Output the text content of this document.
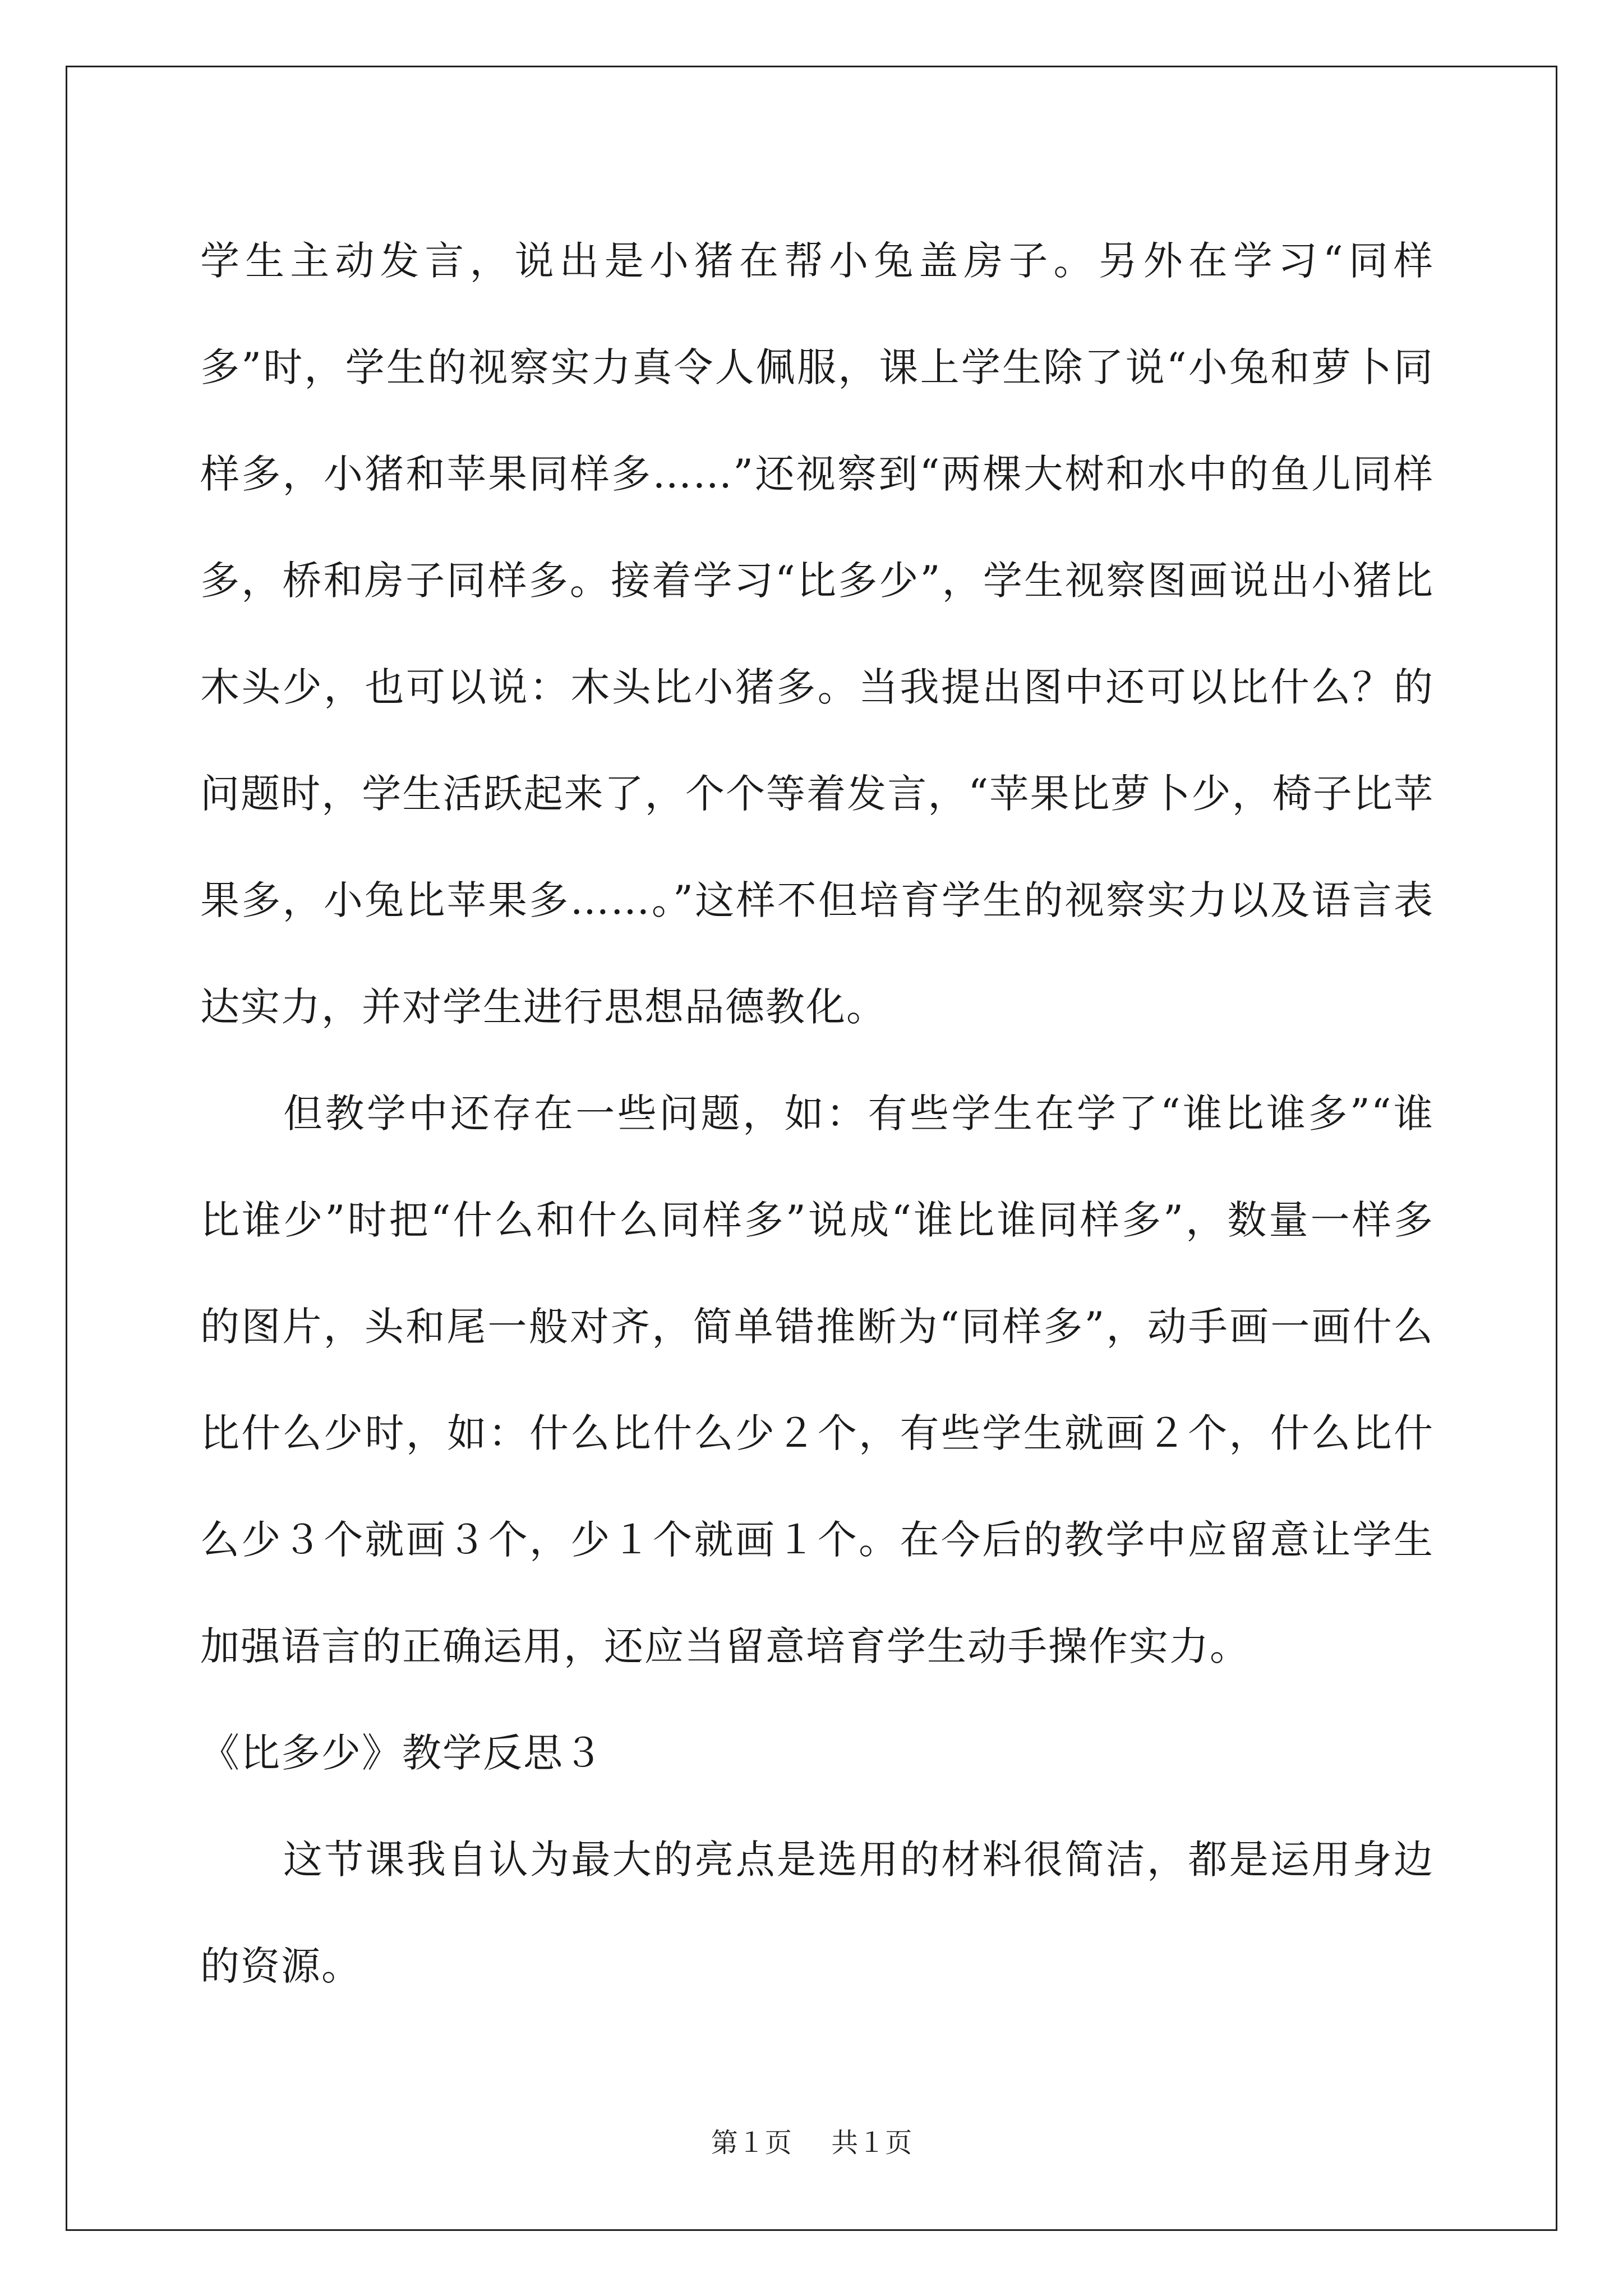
学生主动发言，说出是小猪在帮小兔盖房子。另外在学习“同样多”时，学生的视察实力真令人佩服，课上学生除了说“小兔和萝卜同样多，小猪和苹果同样多……”还视察到“两棵大树和水中的鱼儿同样多，桥和房子同样多。接着学习“比多少”，学生视察图画说出小猪比木头少，也可以说：木头比小猪多。当我提出图中还可以比什么？的问题时，学生活跃起来了，个个等着发言，“苹果比萝卜少，椅子比苹果多，小兔比苹果多……。”这样不但培育学生的视察实力以及语言表达实力，并对学生进行思想品德教化。

但教学中还存在一些问题，如：有些学生在学了“谁比谁多”“谁比谁少”时把“什么和什么同样多”说成“谁比谁同样多”，数量一样多的图片，头和尾一般对齐，简单错推断为“同样多”，动手画一画什么比什么少时，如：什么比什么少２个，有些学生就画２个，什么比什么少３个就画３个，少１个就画１个。在今后的教学中应留意让学生加强语言的正确运用，还应当留意培育学生动手操作实力。

《比多少》教学反思３

这节课我自认为最大的亮点是选用的材料很简洁，都是运用身边的资源。

第１页 共１页
